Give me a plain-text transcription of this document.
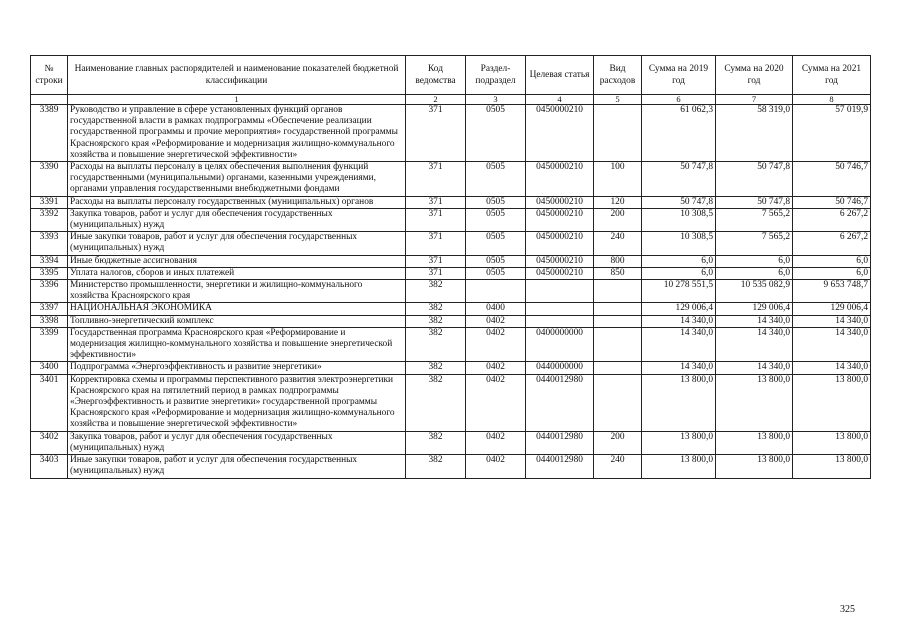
№ строки	Наименование главных распорядителей и наименование показателей бюджетной классификации	Код ведомства	Раздел-подраздел	Целевая статья	Вид расходов	Сумма на 2019 год	Сумма на 2020 год	Сумма на 2021 год
	1	2	3	4	5	6	7	8
3389	Руководство и управление в сфере установленных функций органов государственной власти в рамках подпрограммы «Обеспечение реализации государственной программы и прочие мероприятия» государственной программы Красноярского края «Реформирование и модернизация жилищно-коммунального хозяйства и повышение энергетической эффективности»	371	0505	0450000210		61 062,3	58 319,0	57 019,9
3390	Расходы на выплаты персоналу в целях обеспечения выполнения функций государственными (муниципальными) органами, казенными учреждениями, органами управления государственными внебюджетными фондами	371	0505	0450000210	100	50 747,8	50 747,8	50 746,7
3391	Расходы на выплаты персоналу государственных (муниципальных) органов	371	0505	0450000210	120	50 747,8	50 747,8	50 746,7
3392	Закупка товаров, работ и услуг для обеспечения государственных (муниципальных) нужд	371	0505	0450000210	200	10 308,5	7 565,2	6 267,2
3393	Иные закупки товаров, работ и услуг для обеспечения государственных (муниципальных) нужд	371	0505	0450000210	240	10 308,5	7 565,2	6 267,2
3394	Иные бюджетные ассигнования	371	0505	0450000210	800	6,0	6,0	6,0
3395	Уплата налогов, сборов и иных платежей	371	0505	0450000210	850	6,0	6,0	6,0
3396	Министерство промышленности, энергетики и жилищно-коммунального хозяйства Красноярского края	382				10 278 551,5	10 535 082,9	9 653 748,7
3397	НАЦИОНАЛЬНАЯ ЭКОНОМИКА	382	0400			129 006,4	129 006,4	129 006,4
3398	Топливно-энергетический комплекс	382	0402			14 340,0	14 340,0	14 340,0
3399	Государственная программа Красноярского края «Реформирование и модернизация жилищно-коммунального хозяйства и повышение энергетической эффективности»	382	0402	0400000000		14 340,0	14 340,0	14 340,0
3400	Подпрограмма «Энергоэффективность и развитие энергетики»	382	0402	0440000000		14 340,0	14 340,0	14 340,0
3401	Корректировка схемы и программы перспективного развития электроэнергетики Красноярского края на пятилетний период в рамках подпрограммы «Энергоэффективность и развитие энергетики» государственной программы Красноярского края «Реформирование и модернизация жилищно-коммунального хозяйства и повышение энергетической эффективности»	382	0402	0440012980		13 800,0	13 800,0	13 800,0
3402	Закупка товаров, работ и услуг для обеспечения государственных (муниципальных) нужд	382	0402	0440012980	200	13 800,0	13 800,0	13 800,0
3403	Иные закупки товаров, работ и услуг для обеспечения государственных (муниципальных) нужд	382	0402	0440012980	240	13 800,0	13 800,0	13 800,0
325
